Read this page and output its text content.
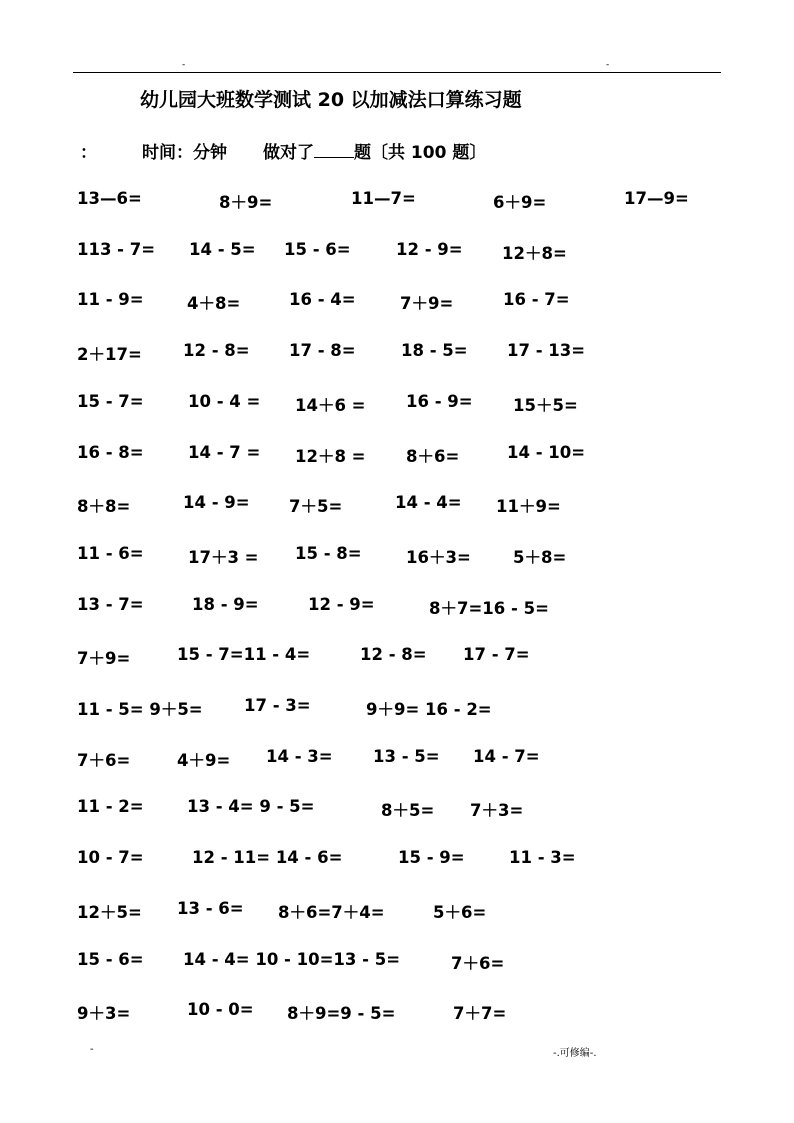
-	-
幼儿园大班数学测试 20 以加减法口算练习题
：	时间：分钟 做对了 题〔共 100 题〕
13—6=	8＋9=	11—7=	6＋9=	17—9=
113 - 7= 14 - 5= 15 - 6=	12 - 9= 12＋8=
11 - 9=	4＋8=	16 - 4=	7＋9=	16 - 7=
2＋17= 12 - 8= 17 - 8=	18 - 5= 17 - 13=
15 - 7=	10 - 4 = 14＋6 = 16 - 9= 15＋5=
16 - 8=	14 - 7 = 12＋8 = 8＋6=	14 - 10=
8＋8=	14 - 9= 7＋5=	14 - 4= 11＋9=
11 - 6=	17＋3 = 15 - 8=	16＋3=	5＋8=
13 - 7=	18 - 9=	12 - 9=	8＋7=16 - 5=
7＋9=	15 - 7=11 - 4=	12 - 8= 17 - 7=
11 - 5= 9＋5=	17 - 3=	9＋9= 16 - 2=
7＋6=	4＋9= 14 - 3= 13 - 5= 14 - 7=
11 - 2=	13 - 4= 9 - 5=	8＋5= 7＋3=
10 - 7=	12 - 11= 14 - 6=	15 - 9=	11 - 3=
12＋5= 13 - 6= 8＋6=7＋4=	5＋6=
15 - 6= 14 - 4= 10 - 10=13 - 5=	7＋6=
9＋3=	10 - 0= 8＋9=9 - 5=	7＋7=
-	-.可修编-.
